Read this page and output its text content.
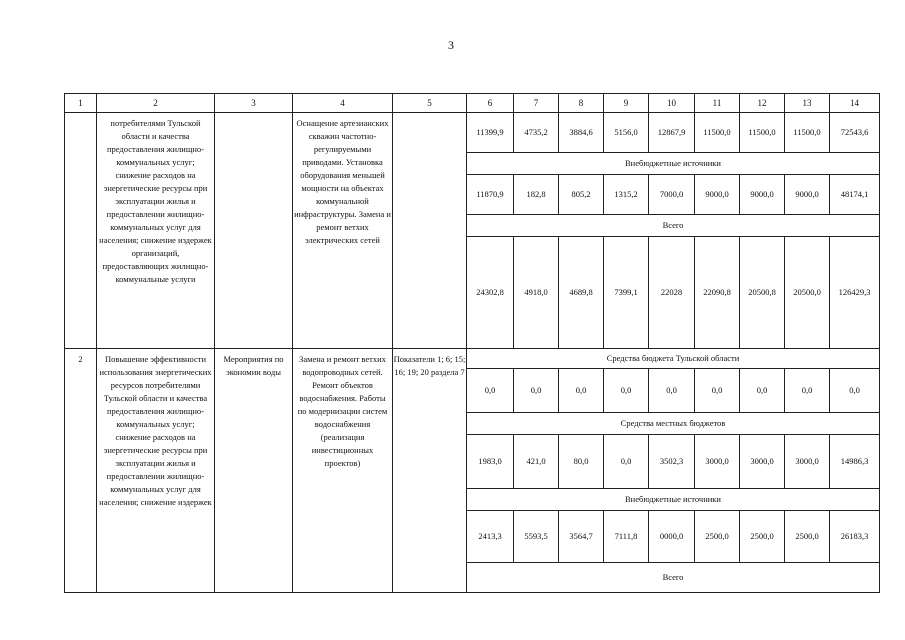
3
1	2	3	4	5	6	7	8	9	10	11	12	13	14

	потребителями Тульской области и качества предоставления жилищно-коммунальных услуг; снижение расходов на энергетические ресурсы при эксплуатации жилья и предоставлении жилищно-коммунальных услуг для населения; снижение издержек организаций, предоставляющих жилищно-коммунальные услуги		Оснащение артезианских скважин частотно-регулируемыми приводами. Установка оборудования меньшей мощности на объектах коммунальной инфраструктуры. Замена и ремонт ветхих электрических сетей		11399,9	4735,2	3884,6	5156,0	12867,9	11500,0	11500,0	11500,0	72543,6
					Внебюджетные источники								
					11870,9	182,8	805,2	1315,2	7000,0	9000,0	9000,0	9000,0	48174,1
					Всего								
					24302,8	4918,0	4689,8	7399,1	22028	22090,8	20500,8	20500,0	126429,3
2	Повышение эффективности использования энергетических ресурсов потребителями Тульской области и качества предоставления жилищно-коммунальных услуг; снижение расходов на энергетические ресурсы при эксплуатации жилья и предоставлении жилищно-коммунальных услуг для населения; снижение издержек	Мероприятия по экономии воды	Замена и ремонт ветхих водопроводных сетей. Ремонт объектов водоснабжения. Работы по модернизации систем водоснабжения (реализация инвестиционных проектов)	Показатели 1; 6; 15; 16; 19; 20 раздела 7	Средства бюджета Тульской области								
					0,0	0,0	0,0	0,0	0,0	0,0	0,0	0,0	0,0
					Средства местных бюджетов								
					1983,0	421,0	80,0	0,0	3502,3	3000,0	3000,0	3000,0	14986,3
					Внебюджетные источники								
					2413,3	5593,5	3564,7	7111,8	0000,0	2500,0	2500,0	2500,0	26183,3
					Всего								
